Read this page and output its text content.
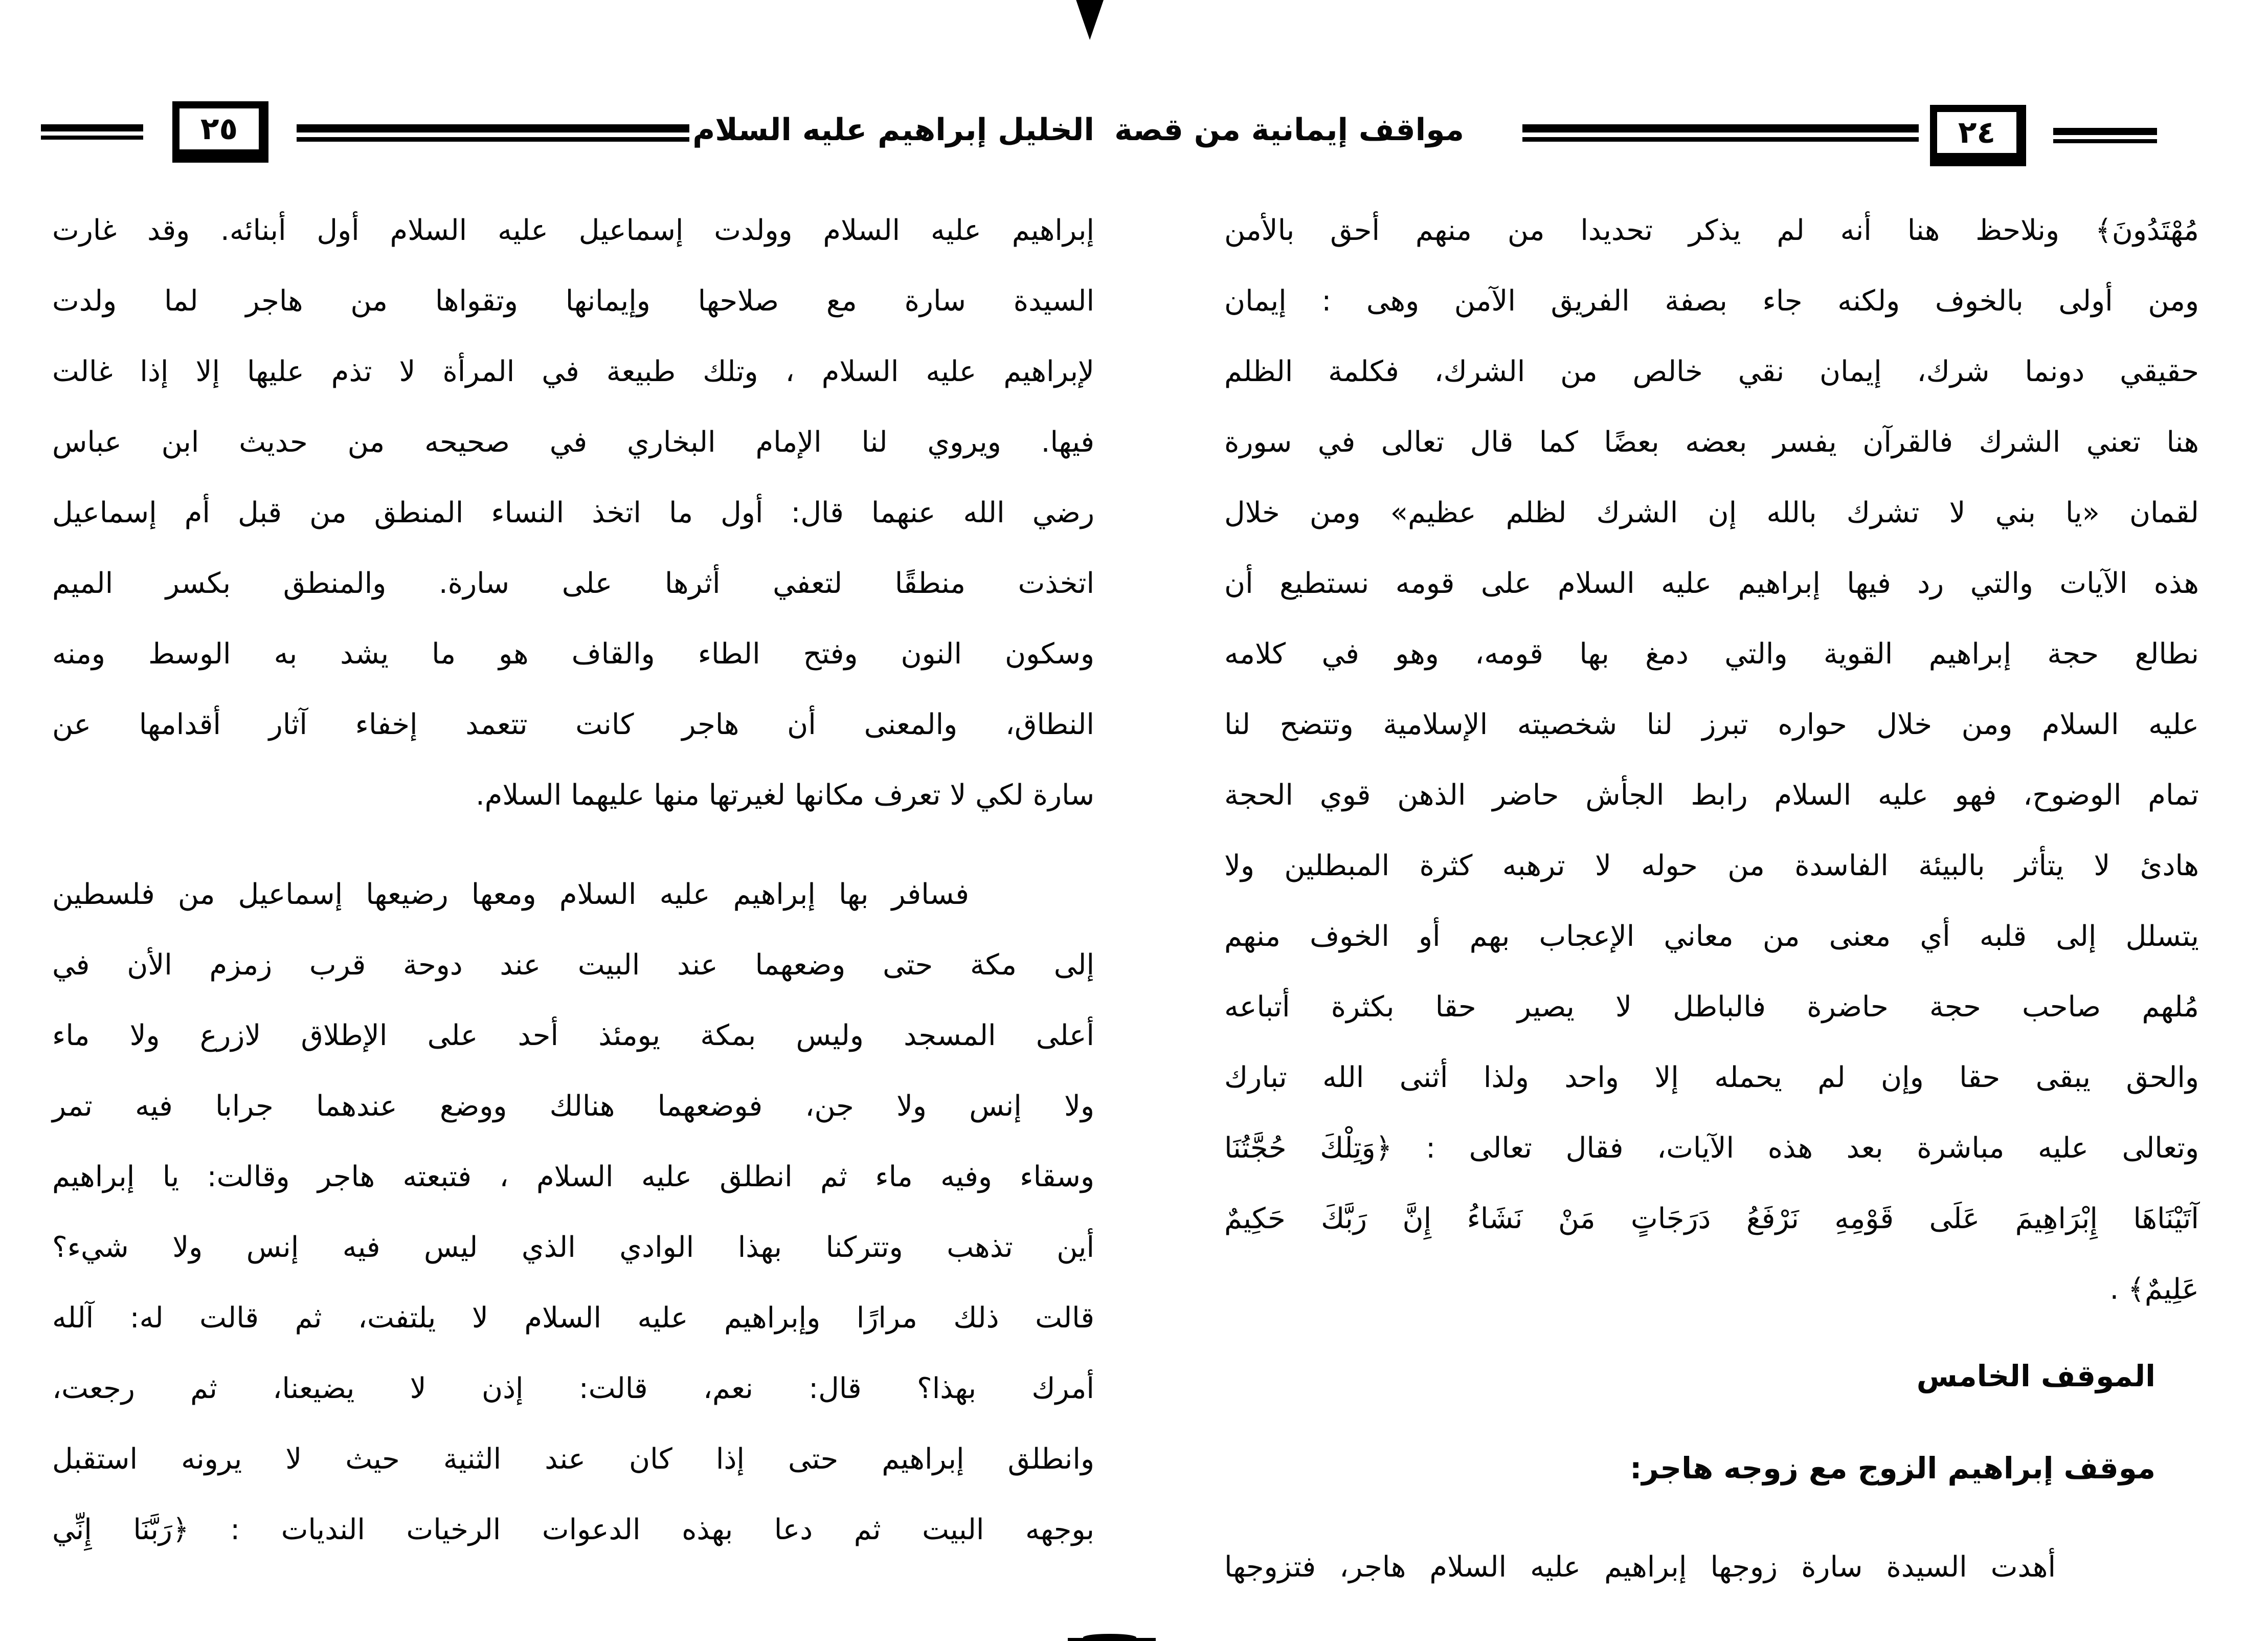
٢٥	الخليل إبراهيم عليه السلام
إبراهيم عليه السلام وولدت إسماعيل عليه السلام أول أبنائه. وقد غارت
السيدة سارة مع صلاحها وإيمانها وتقواها من هاجر لما ولدت
لإبراهيم عليه السلام ، وتلك طبيعة في المرأة لا تذم عليها إلا إذا غالت
فيها. ويروي لنا الإمام البخاري في صحيحه من حديث ابن عباس
رضي الله عنهما قال: أول ما اتخذ النساء المنطق من قبل أم إسماعيل
اتخذت منطقًا لتعفي أثرها على سارة. والمنطق بكسر الميم
وسكون النون وفتح الطاء والقاف هو ما يشد به الوسط ومنه
النطاق، والمعنى أن هاجر كانت تتعمد إخفاء آثار أقدامها عن
سارة لكي لا تعرف مكانها لغيرتها منها عليهما السلام.
فسافر بها إبراهيم عليه السلام ومعها رضيعها إسماعيل من فلسطين
إلى مكة حتى وضعهما عند البيت عند دوحة قرب زمزم الأن في
أعلى المسجد وليس بمكة يومئذ أحد على الإطلاق لازرع ولا ماء
ولا إنس ولا جن، فوضعهما هنالك ووضع عندهما جرابا فيه تمر
وسقاء وفيه ماء ثم انطلق عليه السلام ، فتبعته هاجر وقالت: يا إبراهيم
أين تذهب وتتركنا بهذا الوادي الذي ليس فيه إنس ولا شيء؟
قالت ذلك مرارًا وإبراهيم عليه السلام لا يلتفت، ثم قالت له: آلله
أمرك بهذا؟ قال: نعم، قالت: إذن لا يضيعنا، ثم رجعت،
وانطلق إبراهيم حتى إذا كان عند الثنية حيث لا يرونه استقبل
بوجهه البيت ثم دعا بهذه الدعوات الرخيات النديات : ﴿رَبَّنَا إِنِّي
مواقف إيمانية من قصة	٢٤
مُهْتَدُونَ﴾ ونلاحظ هنا أنه لم يذكر تحديدا من منهم أحق بالأمن
ومن أولى بالخوف ولكنه جاء بصفة الفريق الآمن وهى : إيمان
حقيقي دونما شرك، إيمان نقي خالص من الشرك، فكلمة الظلم
هنا تعني الشرك فالقرآن يفسر بعضه بعضًا كما قال تعالى في سورة
لقمان «يا بني لا تشرك بالله إن الشرك لظلم عظيم» ومن خلال
هذه الآيات والتي رد فيها إبراهيم عليه السلام على قومه نستطيع أن
نطالع حجة إبراهيم القوية والتي دمغ بها قومه، وهو في كلامه
عليه السلام ومن خلال حواره تبرز لنا شخصيته الإسلامية وتتضح لنا
تمام الوضوح، فهو عليه السلام رابط الجأش حاضر الذهن قوي الحجة
هادئ لا يتأثر بالبيئة الفاسدة من حوله لا ترهبه كثرة المبطلين ولا
يتسلل إلى قلبه أي معنى من معاني الإعجاب بهم أو الخوف منهم
مُلهم صاحب حجة حاضرة فالباطل لا يصير حقا بكثرة أتباعه
والحق يبقى حقا وإن لم يحمله إلا واحد ولذا أثنى الله تبارك
وتعالى عليه مباشرة بعد هذه الآيات، فقال تعالى : ﴿وَتِلْكَ حُجَّتُنَا
آتَيْنَاهَا إِبْرَاهِيمَ عَلَى قَوْمِهِ نَرْفَعُ دَرَجَاتٍ مَنْ نَشَاءُ إِنَّ رَبَّكَ حَكِيمٌ
عَلِيمٌ﴾ .
الموقف الخامس
موقف إبراهيم الزوج مع زوجه هاجر:
أهدت السيدة سارة زوجها إبراهيم عليه السلام هاجر، فتزوجها
